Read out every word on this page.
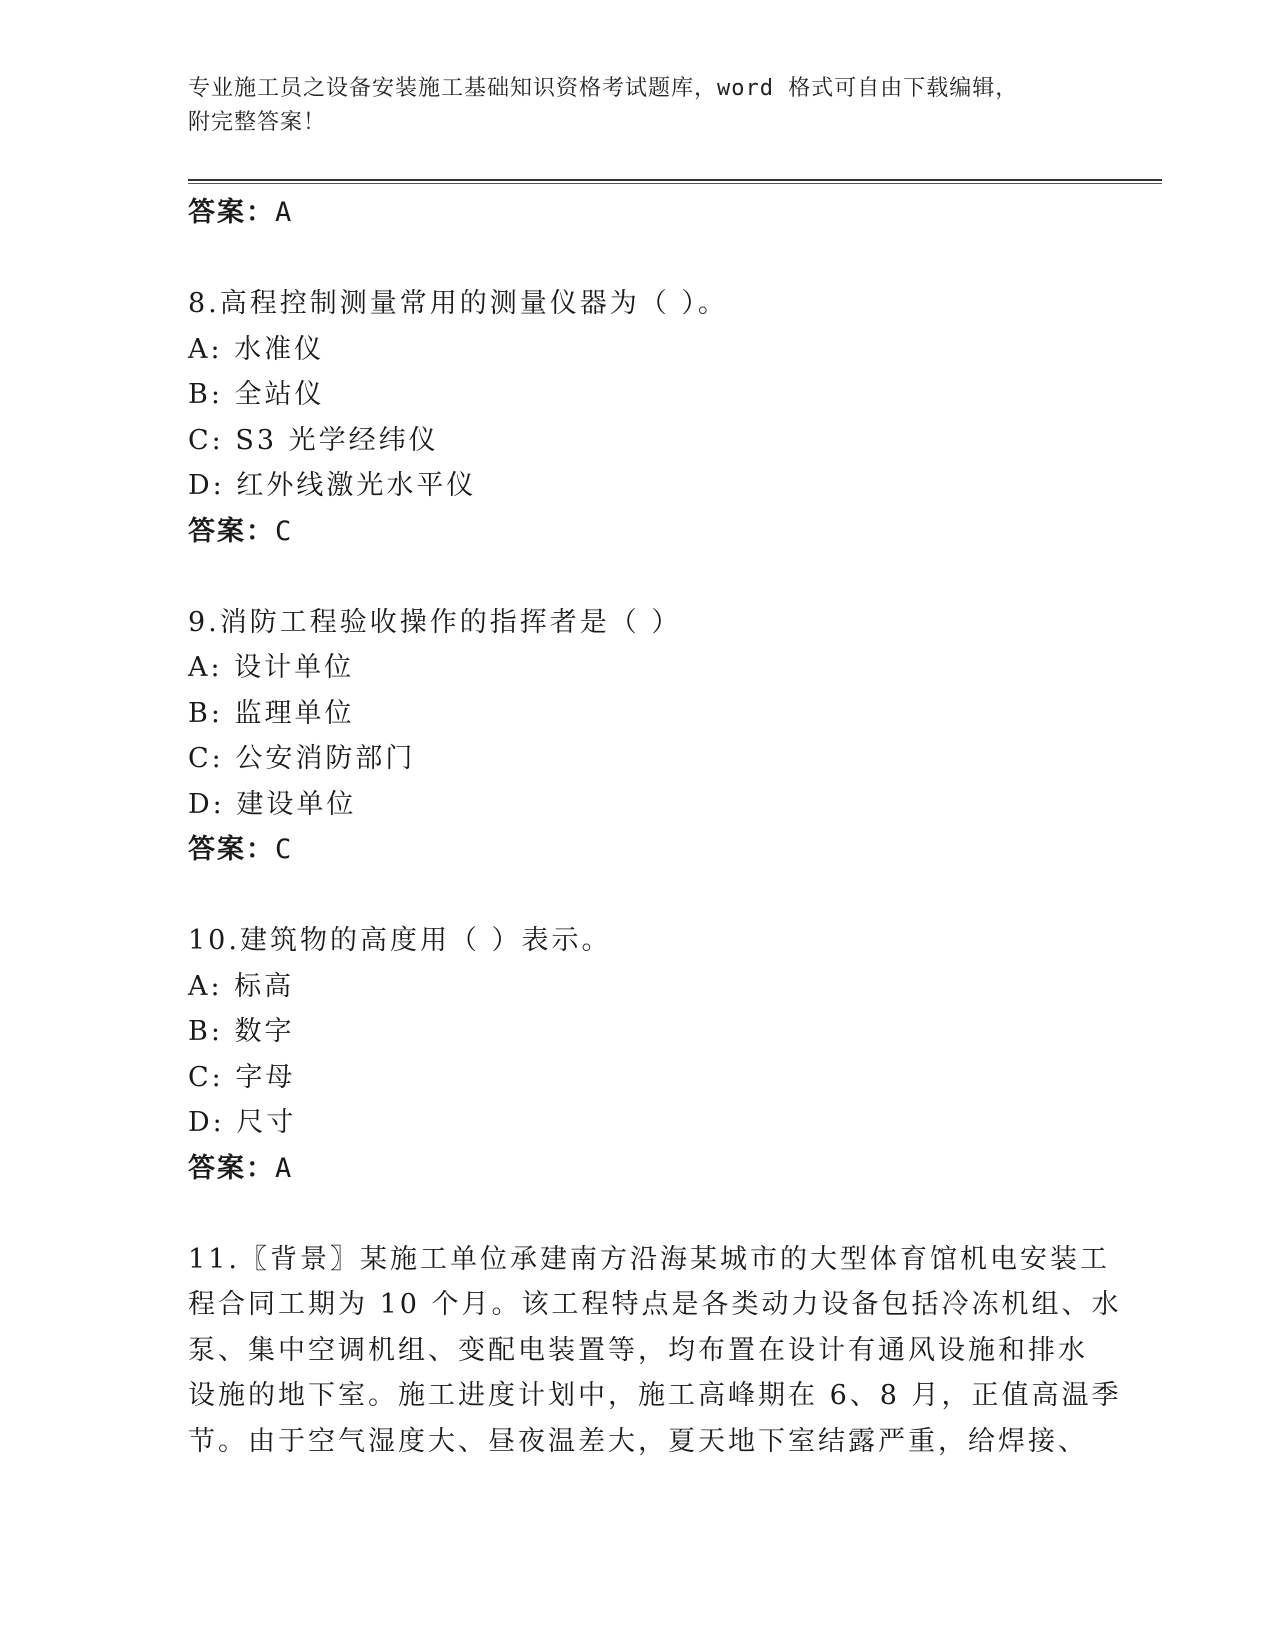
专业施工员之设备安装施工基础知识资格考试题库，word 格式可自由下载编辑，
附完整答案！
答案：A
8.高程控制测量常用的测量仪器为（ ）。
A: 水准仪
B: 全站仪
C: S3 光学经纬仪
D: 红外线激光水平仪
答案：C
9.消防工程验收操作的指挥者是（ ）
A: 设计单位
B: 监理单位
C: 公安消防部门
D: 建设单位
答案：C
10.建筑物的高度用（ ）表示。
A: 标高
B: 数字
C: 字母
D: 尺寸
答案：A
11.〖背景〗某施工单位承建南方沿海某城市的大型体育馆机电安装工
程合同工期为 10 个月。该工程特点是各类动力设备包括冷冻机组、水
泵、集中空调机组、变配电装置等，均布置在设计有通风设施和排水
设施的地下室。施工进度计划中，施工高峰期在 6、8 月，正值高温季
节。由于空气湿度大、昼夜温差大，夏天地下室结露严重，给焊接、
